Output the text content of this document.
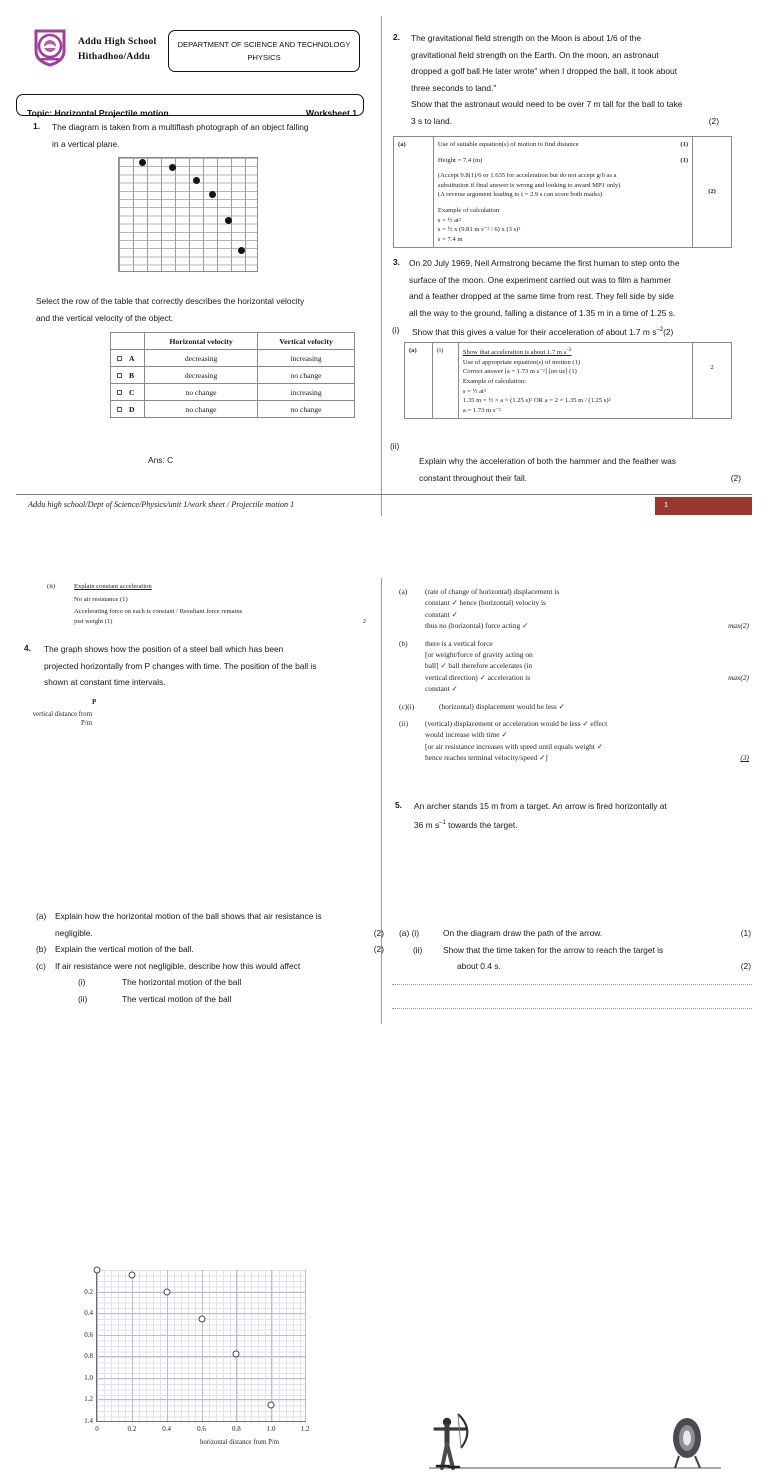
Addu High School
Hithadhoo/Addu
DEPARTMENT OF SCIENCE AND TECHNOLOGY
PHYSICS
Topic: Horizontal Projectile motion	Worksheet 1
1. The diagram is taken from a multiflash photograph of an object falling
in a vertical plane.
Select the row of the table that correctly describes the horizontal velocity
and the vertical velocity of the object.
	Horizontal velocity	Vertical velocity
A	decreasing	increasing
B	decreasing	no change
C	no change	increasing
D	no change	no change
Ans: C
2. The gravitational field strength on the Moon is about 1/6 of the
gravitational field strength on the Earth. On the moon, an astronaut
dropped a golf ball.He later wrote" when I dropped the ball, it took about
three seconds to land."
Show that the astronaut would need to be over 7 m tall for the ball to take
3 s to land.	(2)
(a)	Use of suitable equation(s) of motion to find distance	(1)
Height = 7.4 (m)	(1)
(Accept 9.8(1)/6 or 1.635 for acceleration but do not accept g/6 as a
substitution if final answer is wrong and looking to award MP1 only)
(A reverse argument leading to t = 2.9 s can score both marks)
Example of calculation
s = ½ at²
s = ½ x (9.81 m s⁻² / 6) x (3 s)²
s = 7.4 m
	(2)
3. On 20 July 1969, Neil Armstrong became the first human to step onto the
surface of the moon. One experiment carried out was to film a hammer
and a feather dropped at the same time from rest. They fell side by side
all the way to the ground, falling a distance of 1.35 m in a time of 1.25 s.
(i) Show that this gives a value for their acceleration of about 1.7 m $s^{-2}(2)$
(a)	(i)	Show that acceleration is about 1.7 m $s^{-2}$
Use of appropriate equation(s) of motion (1)
Correct answer [a = 1.73 m s⁻²] [no ue] (1)
Example of calculation:
s = ½ at²
1.35 m = ½ × a × (1.25 s)² OR a = 2 × 1.35 m / (1.25 s)²
a = 1.73 m s⁻²
	2
(ii)
Explain why the acceleration of both the hammer and the feather was
constant throughout their fall.	(2)
Addu high school/Dept of Science/Physics/unit 1/work sheet / Projectile motion 1	1
(ii)	Explain constant acceleration
No air resistance (1)
Accelerating force on each is constant / Resultant force remains
just weight (1)	2
4. The graph shows how the position of a steel ball which has been
projected horizontally from P changes with time. The position of the ball is
shown at constant time intervals.
P
vertical distance from P/m
0.2
0.4
0.6
0.8
1.0
1.2
1.4
0	0.2	0.4	0.6	0.8	1.0	1.2
horizontal distance from P/m
(a)	Explain how the horizontal motion of the ball shows that air resistance is
negligible.	(2)
(b)	Explain the vertical motion of the ball.	(2)
(c)	If air resistance were not negligible, describe how this would affect
(i)	The horizontal motion of the ball
(ii)	The vertical motion of the ball
(a)	(rate of change of horizontal) displacement is
constant ✓ hence (horizontal) velocity is
constant ✓
thus no (horizontal) force acting ✓	max(2)
(b)	there is a vertical force
[or weight/force of gravity acting on
ball] ✓ ball therefore accelerates (in
vertical direction) ✓ acceleration is	max(2)
constant ✓
(c)(i)	(horizontal) displacement would be less ✓
(ii)	(vertical) displacement or acceleration would be less ✓ effect
would increase with time ✓
[or air resistance increases with speed until equals weight ✓
hence reaches terminal velocity/speed ✓]	(3)
5. An archer stands 15 m from a target. An arrow is fired horizontally at
36 m $s^{-1}$ towards the target.
(a) (i)	On the diagram draw the path of the arrow.	(1)
(ii)	Show that the time taken for the arrow to reach the target is
about 0.4 s.	(2)
